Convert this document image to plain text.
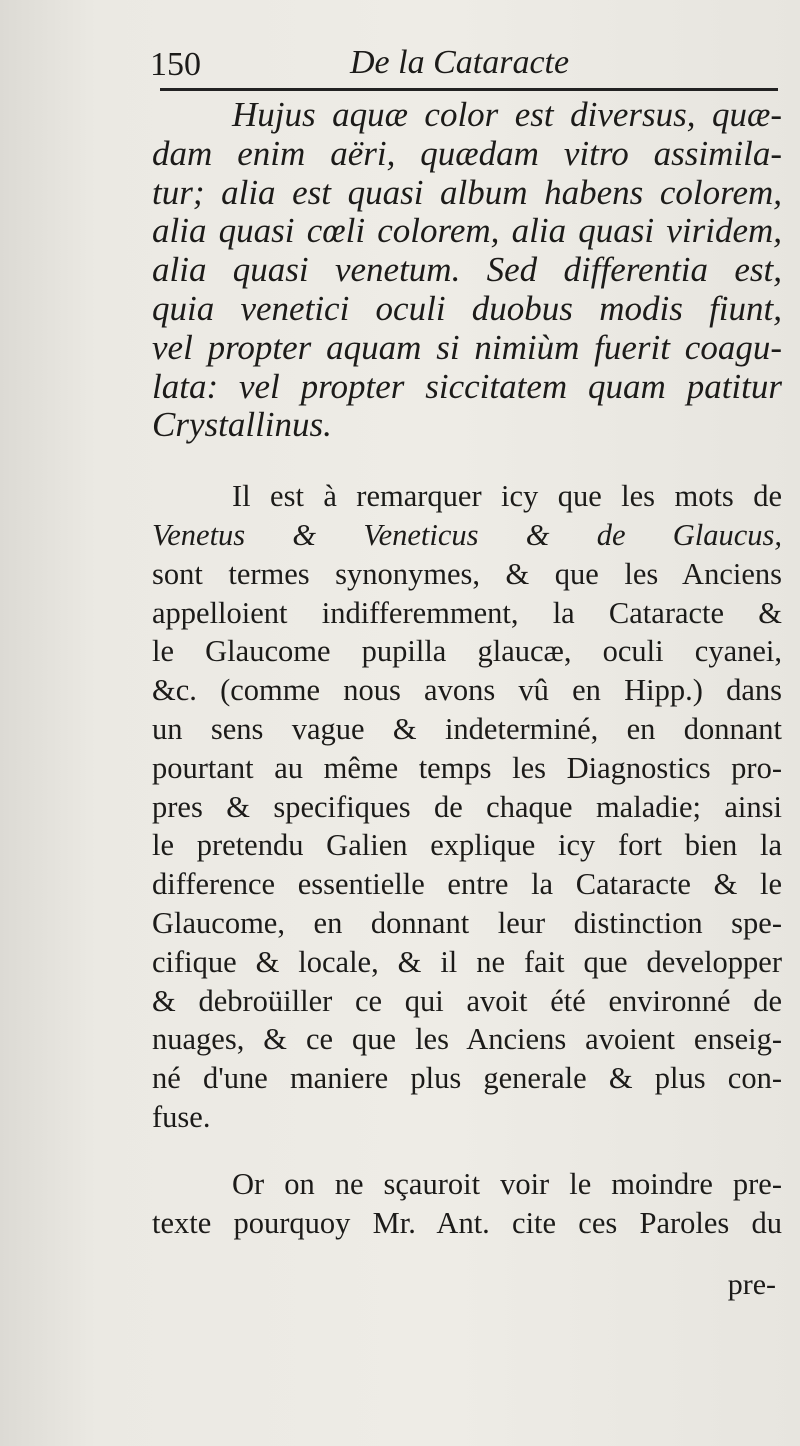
150	De la Cataracte

Hujus aquæ color est diversus, quæ-

dam enim aëri, quædam vitro assimila-

tur; alia est quasi album habens colorem,

alia quasi cœli colorem, alia quasi viridem,

alia quasi venetum. Sed differentia est,

quia venetici oculi duobus modis fiunt,

vel propter aquam si nimiùm fuerit coagu-

lata: vel propter siccitatem quam patitur

Crystallinus.

Il est à remarquer icy que les mots de

Venetus & Veneticus & de Glaucus,

sont termes synonymes, & que les Anciens

appelloient indifferemment, la Cataracte &

le Glaucome pupilla glaucæ, oculi cyanei,

&c. (comme nous avons vû en Hipp.) dans

un sens vague & indeterminé, en donnant

pourtant au même temps les Diagnostics pro-

pres & specifiques de chaque maladie; ainsi

le pretendu Galien explique icy fort bien la

difference essentielle entre la Cataracte & le

Glaucome, en donnant leur distinction spe-

cifique & locale, & il ne fait que developper

& debroüiller ce qui avoit été environné de

nuages, & ce que les Anciens avoient enseig-

né d'une maniere plus generale & plus con-

fuse.

Or on ne sçauroit voir le moindre pre-

texte pourquoy Mr. Ant. cite ces Paroles du

pre-
